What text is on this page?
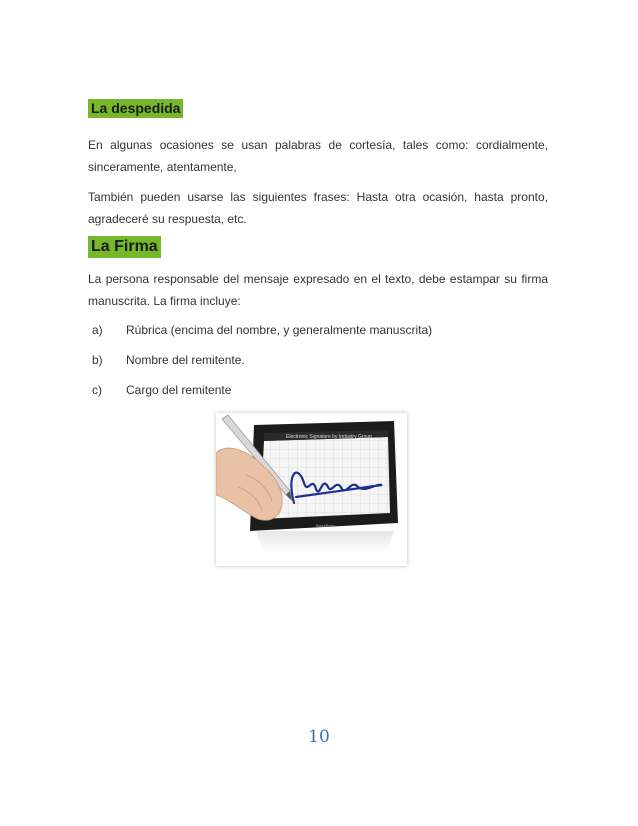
La despedida

En algunas ocasiones se usan palabras de cortesía, tales como: cordialmente, sinceramente, atentamente,

También pueden usarse las siguientes frases: Hasta otra ocasión, hasta pronto, agradeceré su respuesta, etc.

La Firma

La persona responsable del mensaje expresado en el texto, debe estampar su firma manuscrita. La firma incluye:

a) Rúbrica (encima del nombre, y generalmente manuscrita)
b) Nombre del remitente.
c) Cargo del remitente
Electronic Signature by Industry Group
BlackBerry
10
